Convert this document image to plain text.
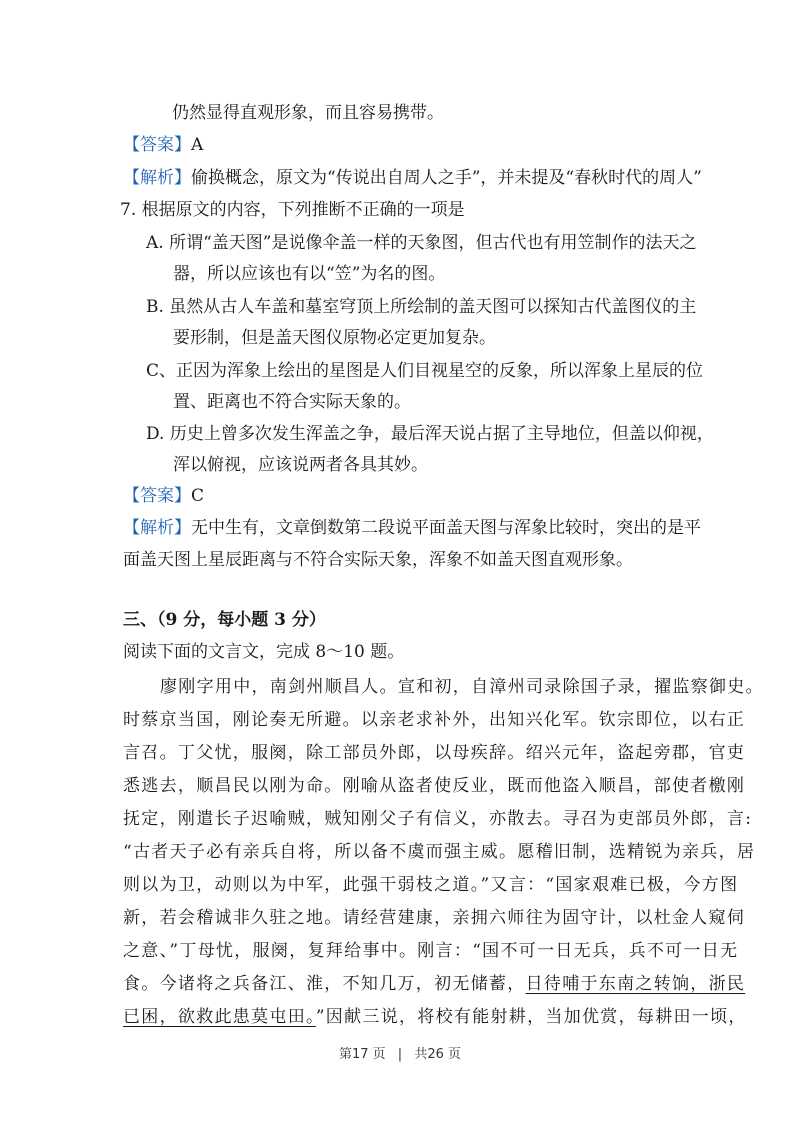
仍然显得直观形象，而且容易携带。
【答案】A
【解析】偷换概念，原文为“传说出自周人之手”，并未提及“春秋时代的周人”
7. 根据原文的内容，下列推断不正确的一项是
A. 所谓“盖天图”是说像伞盖一样的天象图，但古代也有用笠制作的法天之
器，所以应该也有以“笠”为名的图。
B. 虽然从古人车盖和墓室穹顶上所绘制的盖天图可以探知古代盖图仪的主
要形制，但是盖天图仪原物必定更加复杂。
C、正因为浑象上绘出的星图是人们目视星空的反象，所以浑象上星辰的位
置、距离也不符合实际天象的。
D. 历史上曾多次发生浑盖之争，最后浑天说占据了主导地位，但盖以仰视，
浑以俯视，应该说两者各具其妙。
【答案】C
【解析】无中生有，文章倒数第二段说平面盖天图与浑象比较时，突出的是平
面盖天图上星辰距离与不符合实际天象，浑象不如盖天图直观形象。
三、（9 分，每小题 3 分）
阅读下面的文言文，完成 8～10 题。
廖刚字用中，南剑州顺昌人。宣和初，自漳州司录除国子录，擢监察御史。
时蔡京当国，刚论奏无所避。以亲老求补外，出知兴化军。钦宗即位，以右正
言召。丁父忧，服阕，除工部员外郎，以母疾辞。绍兴元年，盗起旁郡，官吏
悉逃去，顺昌民以刚为命。刚喻从盗者使反业，既而他盗入顺昌，部使者檄刚
抚定，刚遣长子迟喻贼，贼知刚父子有信义，亦散去。寻召为吏部员外郎，言:
“古者天子必有亲兵自将，所以备不虞而强主威。愿稽旧制，选精锐为亲兵，居
则以为卫，动则以为中军，此强干弱枝之道。”又言：“国家艰难已极，今方图
新，若会稽诚非久驻之地。请经营建康，亲拥六师往为固守计，以杜金人窥伺
之意、”丁母忧，服阕，复拜给事中。刚言：“国不可一日无兵，兵不可一日无
食。今诸将之兵备江、淮，不知几万，初无储蓄，日待哺于东南之转饷，浙民
已困，欲救此患莫屯田。”因献三说，将校有能射耕，当加优赏，每耕田一顷，
第17 页 | 共26 页
